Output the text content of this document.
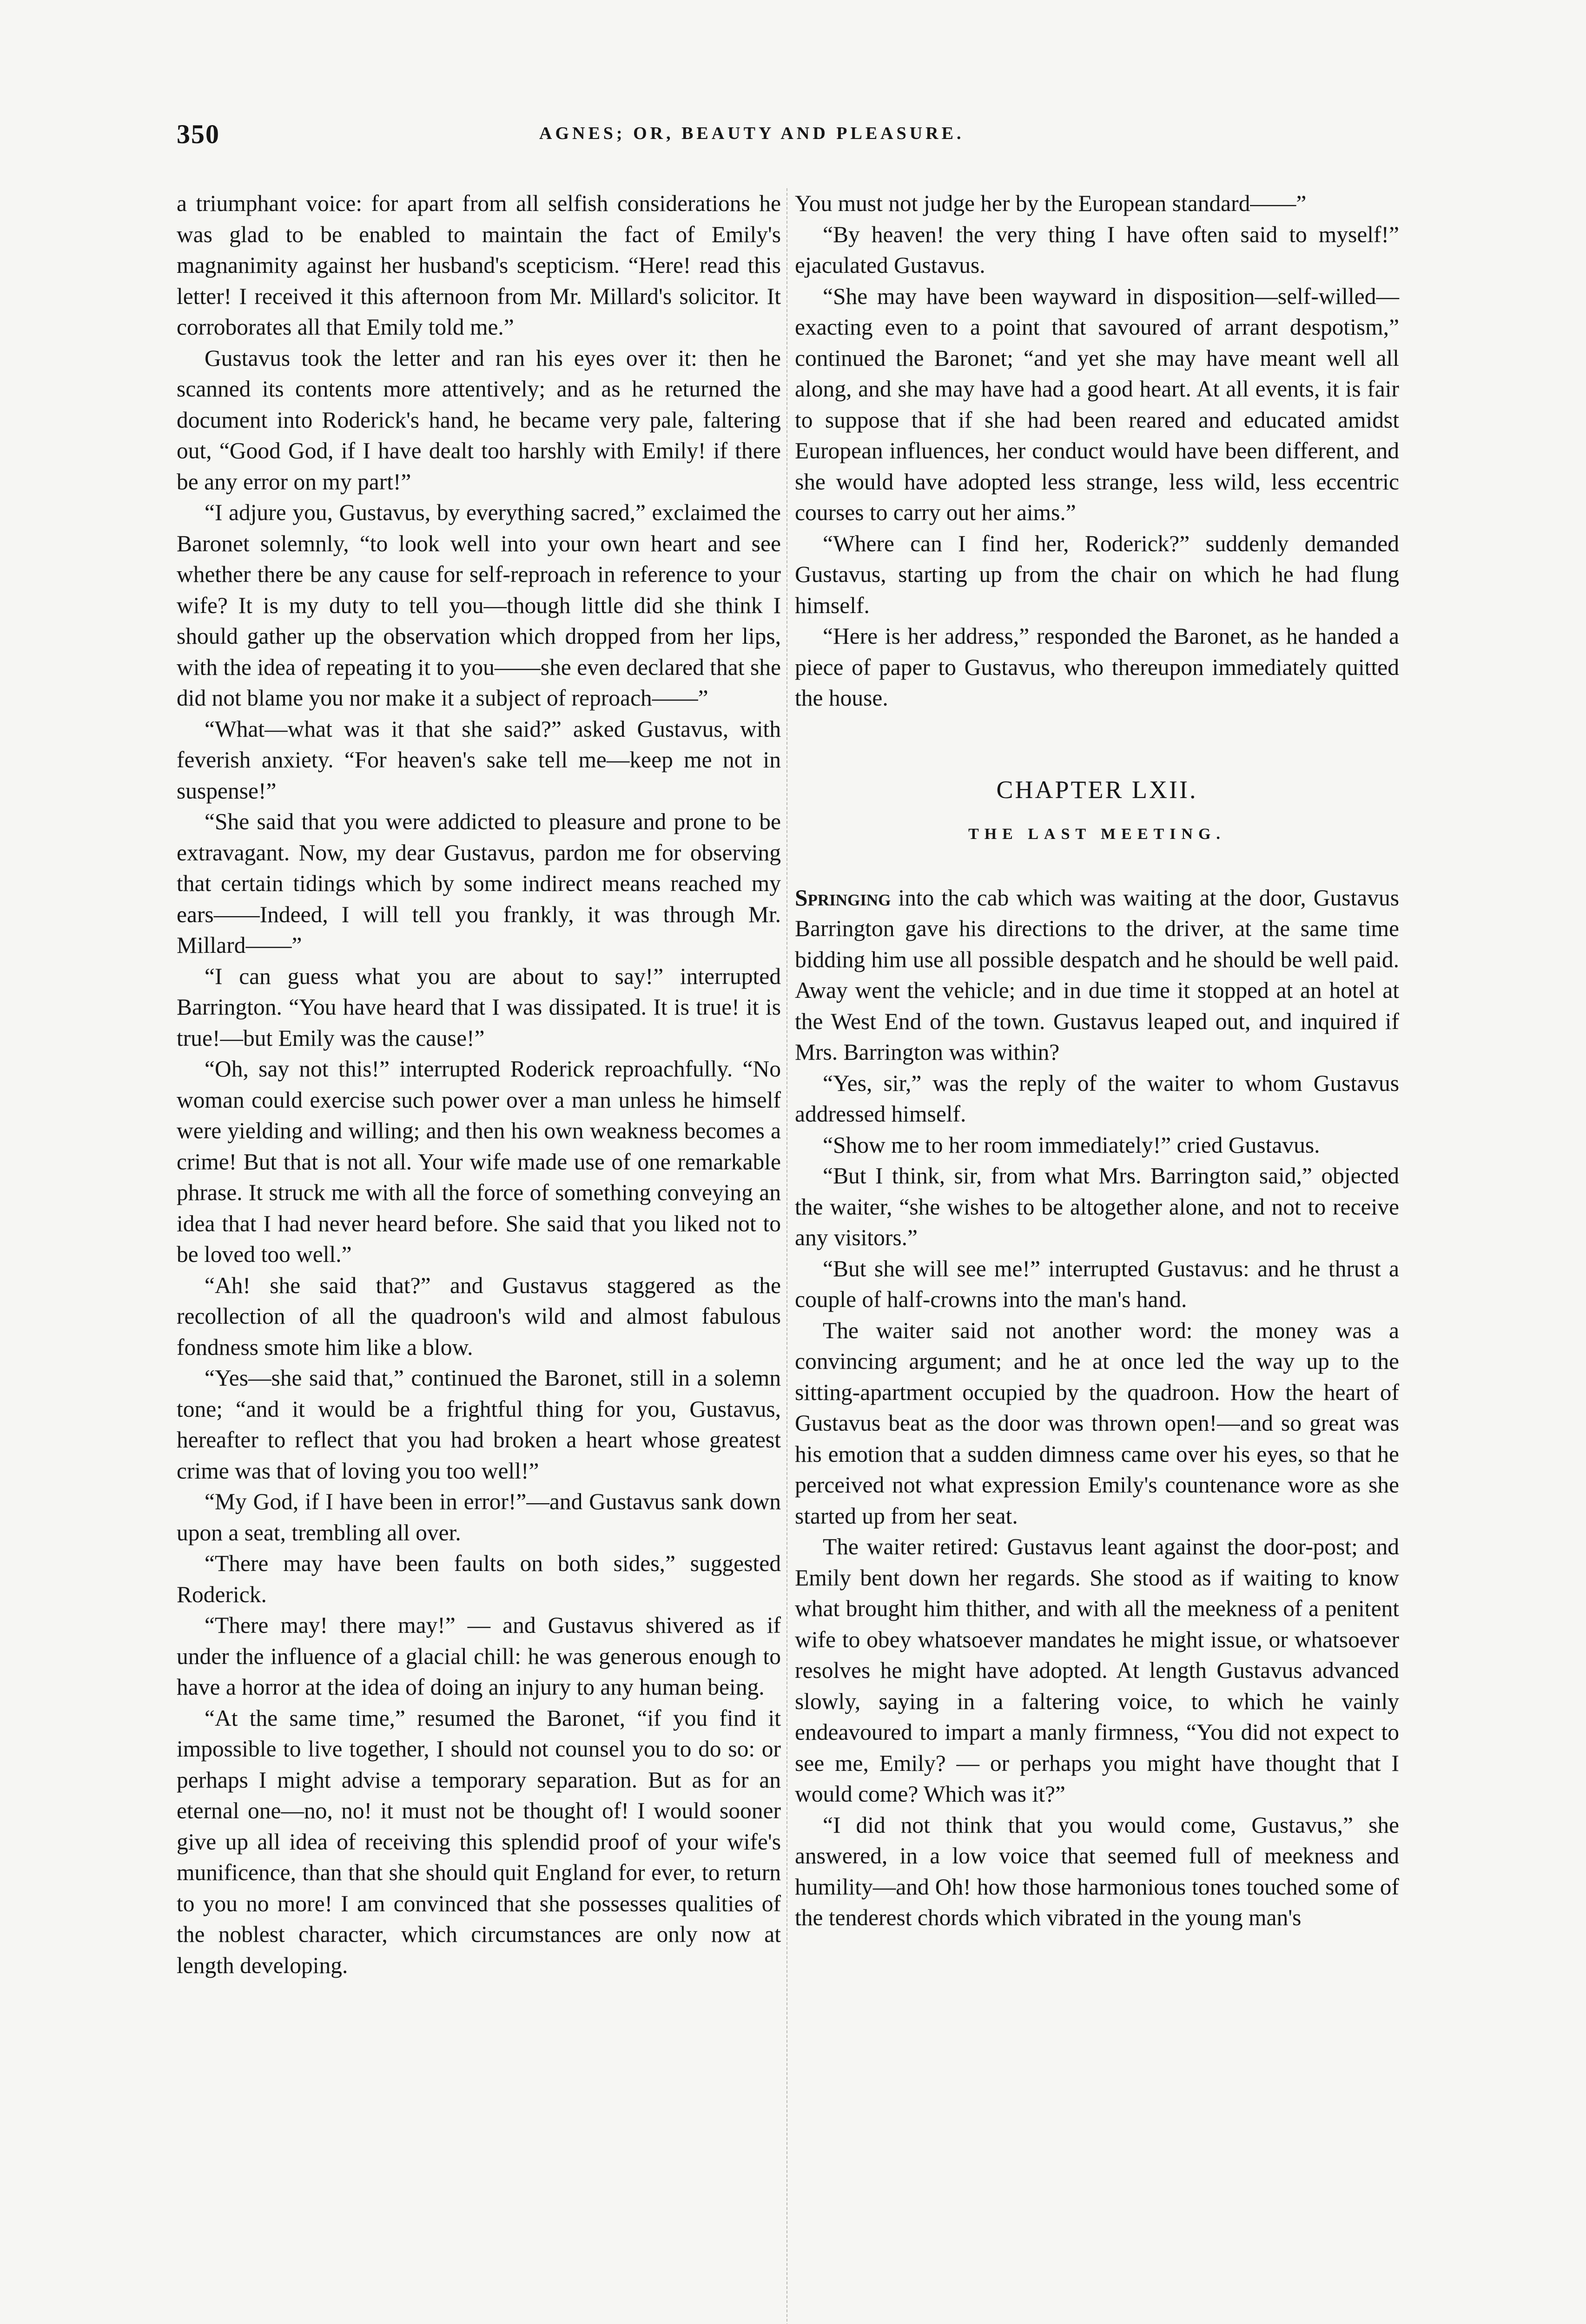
350	AGNES; OR, BEAUTY AND PLEASURE.

a triumphant voice: for apart from all selfish considerations he was glad to be enabled to maintain the fact of Emily's magnanimity against her husband's scepticism. “Here! read this letter! I received it this afternoon from Mr. Millard's solicitor. It corroborates all that Emily told me.”

Gustavus took the letter and ran his eyes over it: then he scanned its contents more attentively; and as he returned the document into Roderick's hand, he became very pale, faltering out, “Good God, if I have dealt too harshly with Emily! if there be any error on my part!”

“I adjure you, Gustavus, by everything sacred,” exclaimed the Baronet solemnly, “to look well into your own heart and see whether there be any cause for self-reproach in reference to your wife? It is my duty to tell you—though little did she think I should gather up the observation which dropped from her lips, with the idea of repeating it to you——she even declared that she did not blame you nor make it a subject of reproach——”

“What—what was it that she said?” asked Gustavus, with feverish anxiety. “For heaven's sake tell me—keep me not in suspense!”

“She said that you were addicted to pleasure and prone to be extravagant. Now, my dear Gustavus, pardon me for observing that certain tidings which by some indirect means reached my ears——Indeed, I will tell you frankly, it was through Mr. Millard——”

“I can guess what you are about to say!” interrupted Barrington. “You have heard that I was dissipated. It is true! it is true!—but Emily was the cause!”

“Oh, say not this!” interrupted Roderick reproachfully. “No woman could exercise such power over a man unless he himself were yielding and willing; and then his own weakness becomes a crime! But that is not all. Your wife made use of one remarkable phrase. It struck me with all the force of something conveying an idea that I had never heard before. She said that you liked not to be loved too well.”

“Ah! she said that?” and Gustavus staggered as the recollection of all the quadroon's wild and almost fabulous fondness smote him like a blow.

“Yes—she said that,” continued the Baronet, still in a solemn tone; “and it would be a frightful thing for you, Gustavus, hereafter to reflect that you had broken a heart whose greatest crime was that of loving you too well!”

“My God, if I have been in error!”—and Gustavus sank down upon a seat, trembling all over.

“There may have been faults on both sides,” suggested Roderick.

“There may! there may!” — and Gustavus shivered as if under the influence of a glacial chill: he was generous enough to have a horror at the idea of doing an injury to any human being.

“At the same time,” resumed the Baronet, “if you find it impossible to live together, I should not counsel you to do so: or perhaps I might advise a temporary separation. But as for an eternal one—no, no! it must not be thought of! I would sooner give up all idea of receiving this splendid proof of your wife's munificence, than that she should quit England for ever, to return to you no more! I am convinced that she possesses qualities of the noblest character, which circumstances are only now at length developing.

You must not judge her by the European standard——”

“By heaven! the very thing I have often said to myself!” ejaculated Gustavus.

“She may have been wayward in disposition—self-willed—exacting even to a point that savoured of arrant despotism,” continued the Baronet; “and yet she may have meant well all along, and she may have had a good heart. At all events, it is fair to suppose that if she had been reared and educated amidst European influences, her conduct would have been different, and she would have adopted less strange, less wild, less eccentric courses to carry out her aims.”

“Where can I find her, Roderick?” suddenly demanded Gustavus, starting up from the chair on which he had flung himself.

“Here is her address,” responded the Baronet, as he handed a piece of paper to Gustavus, who thereupon immediately quitted the house.

CHAPTER LXII.
THE LAST MEETING.

Springing into the cab which was waiting at the door, Gustavus Barrington gave his directions to the driver, at the same time bidding him use all possible despatch and he should be well paid. Away went the vehicle; and in due time it stopped at an hotel at the West End of the town. Gustavus leaped out, and inquired if Mrs. Barrington was within?

“Yes, sir,” was the reply of the waiter to whom Gustavus addressed himself.

“Show me to her room immediately!” cried Gustavus.

“But I think, sir, from what Mrs. Barrington said,” objected the waiter, “she wishes to be altogether alone, and not to receive any visitors.”

“But she will see me!” interrupted Gustavus: and he thrust a couple of half-crowns into the man's hand.

The waiter said not another word: the money was a convincing argument; and he at once led the way up to the sitting-apartment occupied by the quadroon. How the heart of Gustavus beat as the door was thrown open!—and so great was his emotion that a sudden dimness came over his eyes, so that he perceived not what expression Emily's countenance wore as she started up from her seat.

The waiter retired: Gustavus leant against the door-post; and Emily bent down her regards. She stood as if waiting to know what brought him thither, and with all the meekness of a penitent wife to obey whatsoever mandates he might issue, or whatsoever resolves he might have adopted. At length Gustavus advanced slowly, saying in a faltering voice, to which he vainly endeavoured to impart a manly firmness, “You did not expect to see me, Emily? — or perhaps you might have thought that I would come? Which was it?”

“I did not think that you would come, Gustavus,” she answered, in a low voice that seemed full of meekness and humility—and Oh! how those harmonious tones touched some of the tenderest chords which vibrated in the young man's
